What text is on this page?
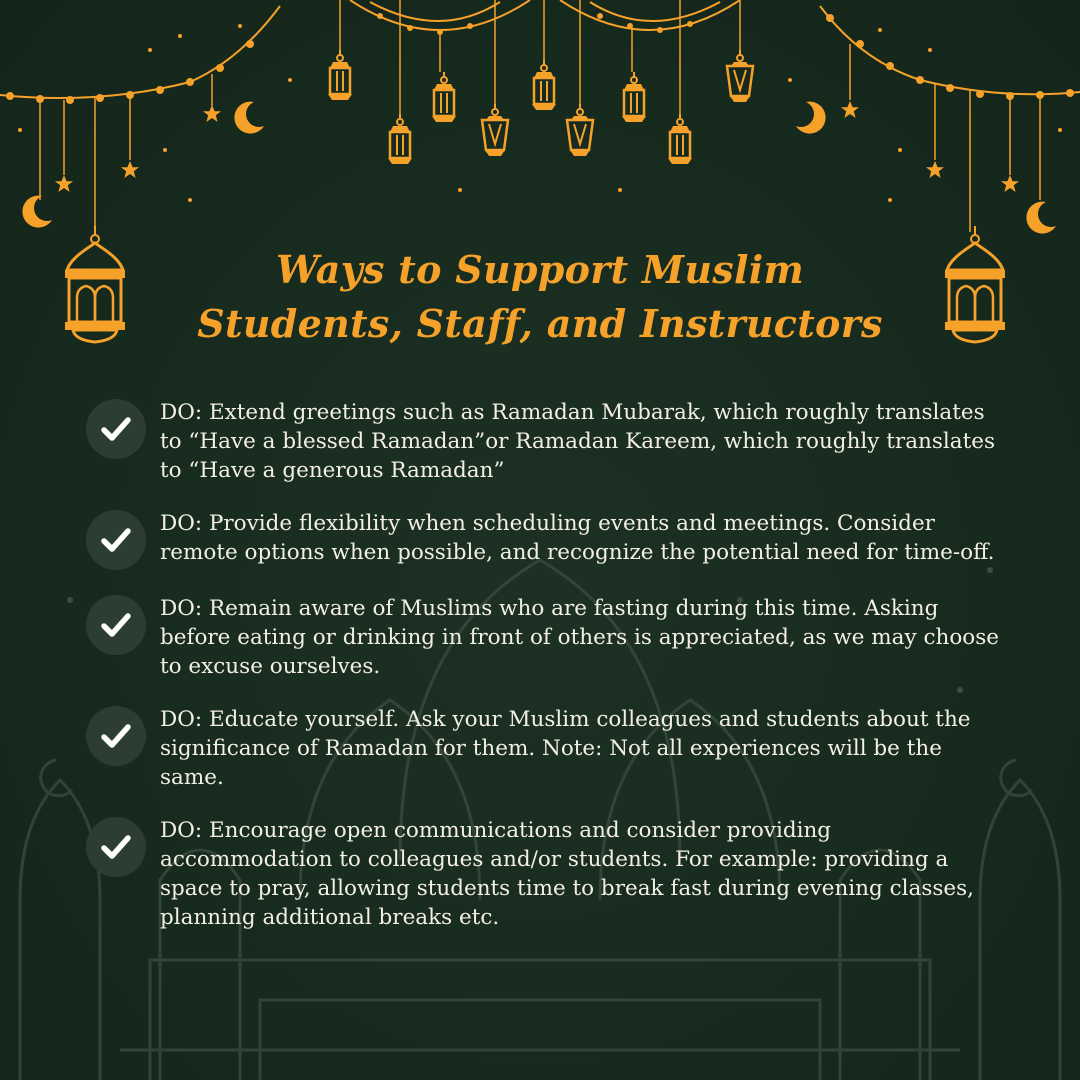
Ways to Support Muslim
Students, Staff, and Instructors

DO: Extend greetings such as Ramadan Mubarak, which roughly translates to “Have a blessed Ramadan”or Ramadan Kareem, which roughly translates to “Have a generous Ramadan”

DO: Provide flexibility when scheduling events and meetings. Consider remote options when possible, and recognize the potential need for time-off.

DO: Remain aware of Muslims who are fasting during this time. Asking before eating or drinking in front of others is appreciated, as we may choose to excuse ourselves.

DO: Educate yourself. Ask your Muslim colleagues and students about the significance of Ramadan for them. Note: Not all experiences will be the same.

DO: Encourage open communications and consider providing accommodation to colleagues and/or students. For example: providing a space to pray, allowing students time to break fast during evening classes, planning additional breaks etc.
